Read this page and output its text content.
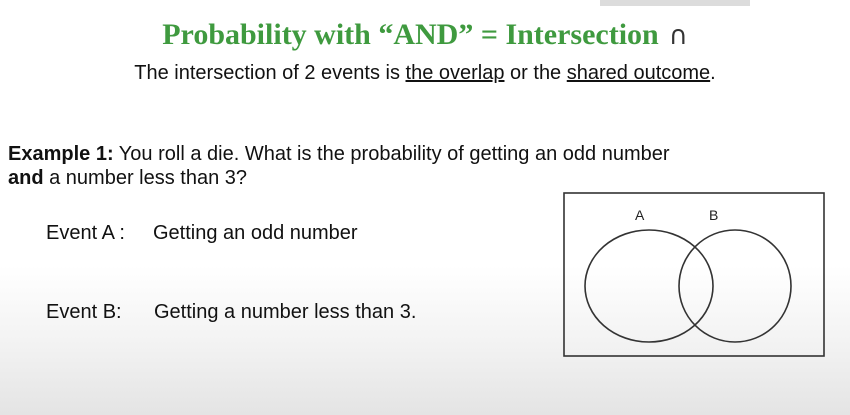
Probability with “AND” = Intersection ∩
The intersection of 2 events is the overlap or the shared outcome.
Example 1: You roll a die. What is the probability of getting an odd number
and a number less than 3?
Event A : Getting an odd number
Event B: Getting a number less than 3.
A	B
